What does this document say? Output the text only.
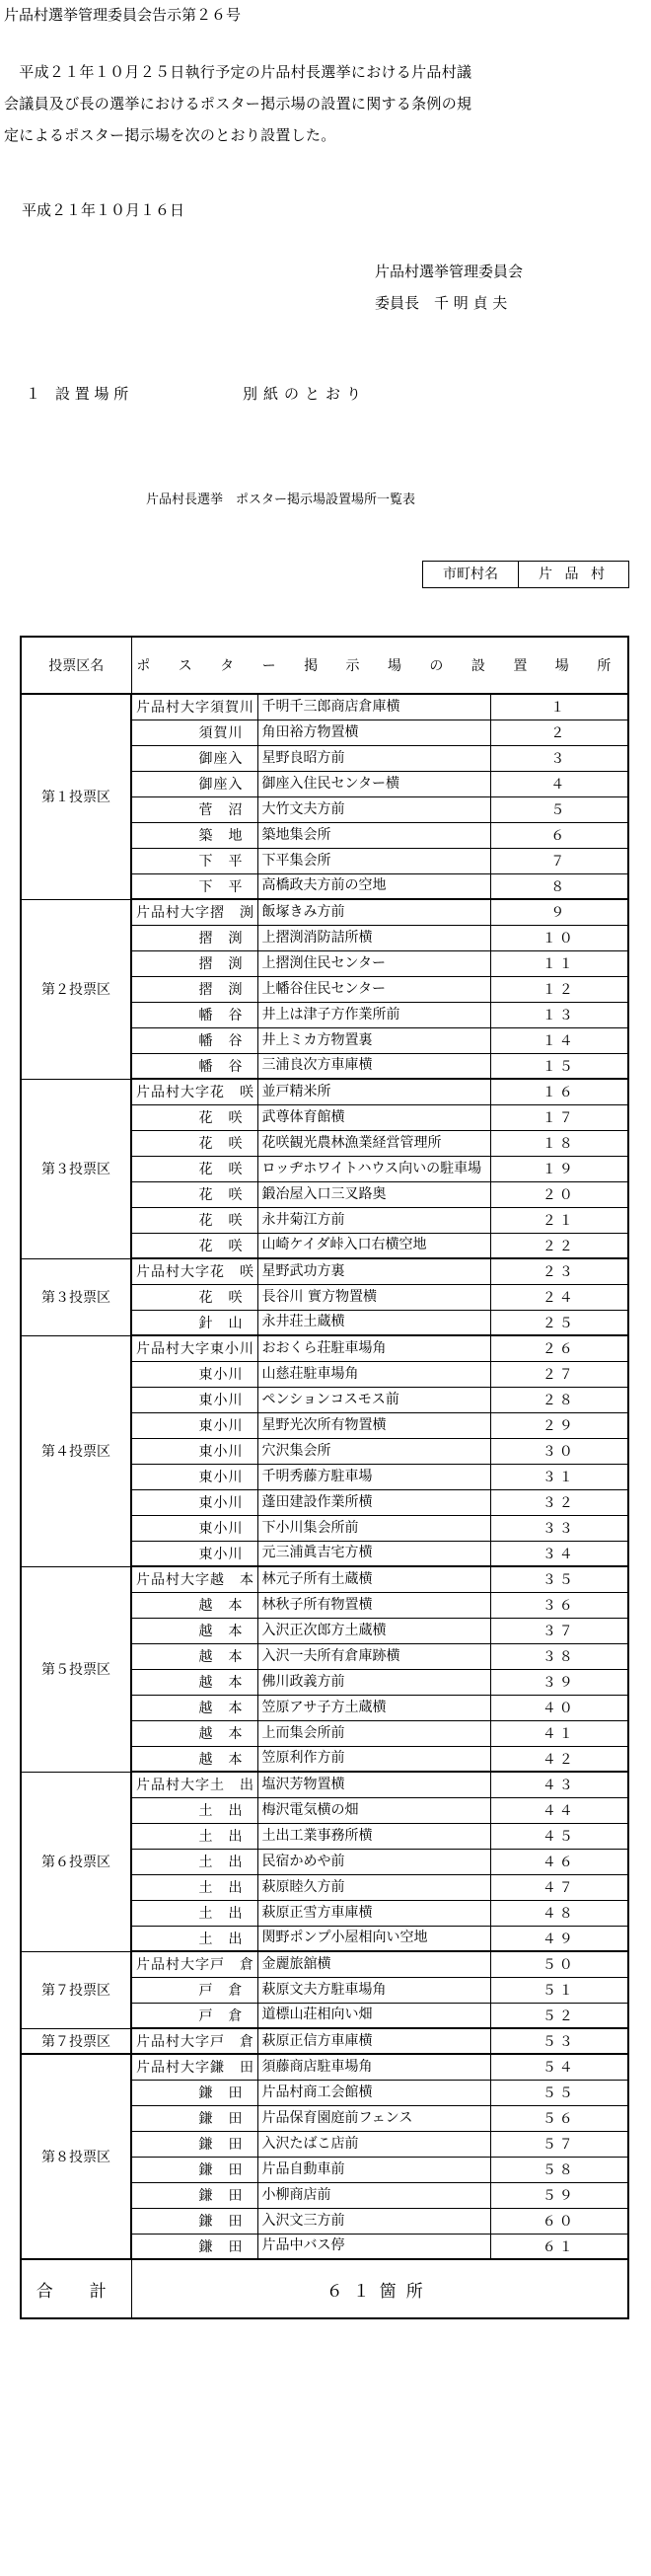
片品村選挙管理委員会告示第２６号
　平成２１年１０月２５日執行予定の片品村長選挙における片品村議
会議員及び長の選挙におけるポスター掲示場の設置に関する条例の規
定によるポスター掲示場を次のとおり設置した。
平成２１年１０月１６日
片品村選挙管理委員会
委員長　千 明 貞 夫
１　設 置 場 所	別紙のとおり
片品村長選挙　ポスター掲示場設置場所一覧表
市町村名	片 品 村
投票区名	ポ ス タ ー 掲 示 場 の 設 置 場 所		
第１投票区	片品村大字須賀川	千明千三郎商店倉庫横	１
	須賀川	角田裕方物置横	２
	御座入	星野良昭方前	３
	御座入	御座入住民センター横	４
	菅　沼	大竹文夫方前	５
	築　地	築地集会所	６
	下　平	下平集会所	７
	下　平	高橋政夫方前の空地	８
第２投票区	片品村大字摺　渕	飯塚きみ方前	９
	摺　渕	上摺渕消防詰所横	１０
	摺　渕	上摺渕住民センター	１１
	摺　渕	上幡谷住民センター	１２
	幡　谷	井上は津子方作業所前	１３
	幡　谷	井上ミカ方物置裏	１４
	幡　谷	三浦良次方車庫横	１５
第３投票区	片品村大字花　咲	並戸精米所	１６
	花　咲	武尊体育館横	１７
	花　咲	花咲観光農林漁業経営管理所	１８
	花　咲	ロッヂホワイトハウス向いの駐車場	１９
	花　咲	鍛冶屋入口三叉路奥	２０
	花　咲	永井菊江方前	２１
	花　咲	山崎ケイダ峠入口右横空地	２２
第３投票区	片品村大字花　咲	星野武功方裏	２３
	花　咲	長谷川 實方物置横	２４
	針　山	永井荘土蔵横	２５
第４投票区	片品村大字東小川	おおくら荘駐車場角	２６
	東小川	山慈荘駐車場角	２７
	東小川	ペンションコスモス前	２８
	東小川	星野光次所有物置横	２９
	東小川	穴沢集会所	３０
	東小川	千明秀藤方駐車場	３１
	東小川	蓬田建設作業所横	３２
	東小川	下小川集会所前	３３
	東小川	元三浦眞吉宅方横	３４
第５投票区	片品村大字越　本	林元子所有土蔵横	３５
	越　本	林秋子所有物置横	３６
	越　本	入沢正次郎方土蔵横	３７
	越　本	入沢一夫所有倉庫跡横	３８
	越　本	佛川政義方前	３９
	越　本	笠原アサ子方土蔵横	４０
	越　本	上而集会所前	４１
	越　本	笠原利作方前	４２
第６投票区	片品村大字土　出	塩沢芳物置横	４３
	土　出	梅沢電気横の畑	４４
	土　出	土出工業事務所横	４５
	土　出	民宿かめや前	４６
	土　出	萩原睦久方前	４７
	土　出	萩原正雪方車庫横	４８
	土　出	関野ポンプ小屋相向い空地	４９
第７投票区	片品村大字戸　倉	金麗旅舘横	５０
	戸　倉	萩原文夫方駐車場角	５１
	戸　倉	道標山荘相向い畑	５２
第７投票区	片品村大字戸　倉	萩原正信方車庫横	５３
第８投票区	片品村大字鎌　田	須藤商店駐車場角	５４
	鎌　田	片品村商工会館横	５５
	鎌　田	片品保育園庭前フェンス	５６
	鎌　田	入沢たばこ店前	５７
	鎌　田	片品自動車前	５８
	鎌　田	小柳商店前	５９
	鎌　田	入沢文三方前	６０
	鎌　田	片品中バス停	６１
合　計	６１箇所		
